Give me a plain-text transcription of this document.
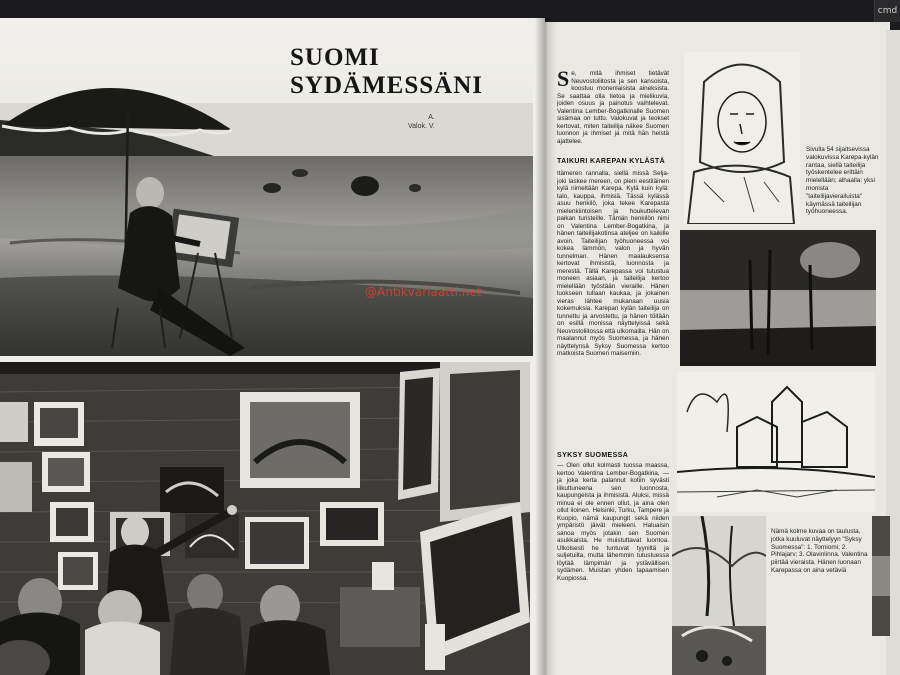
cmd
@Antikvariaatti.net
SUOMI
SYDÄMESSÄNI
A.
Valok. V.
Se, mitä ihmiset tietävät Neuvostoliitosta ja sen kansoista, koostuu monenlaisista aineksista. Se saattaa olla tietoa ja mielikuvia, joiden osuus ja painotus vaihtelevat. Valentina Lember-Bogatkinalle Suomen sisämaa on tuttu. Valokuvat ja teokset kertovat, miten taiteilija näkee Suomen luonnon ja ihmiset ja mitä hän heistä ajattelee.
TAIKURI KAREPAN KYLÄSTÄ
Itämeren rannalla, siellä missä Selja-joki laskee mereen, on pieni eestiläinen kylä nimeltään Karepa. Kylä kuin kylä: talo, kauppa, ihmisiä. Tässä kylässä asuu henkilö, joka tekee Karepasta mielenkiintoisen ja houkuttelevan paikan turisteille. Tämän henkilön nimi on Valentina Lember-Bogatkina, ja hänen taiteilijakotinsa ateljee on kaikille avoin. Taiteilijan työhuoneessa voi kokea lämmön, valon ja hyvän tunnelman. Hänen maalauksensa kertovat ihmisistä, luonnosta ja merestä. Tällä Karepassa voi tutustua moneen asiaan, ja taiteilija kertoo mielellään työstään vieraille. Hänen luokseen tullaan kaukaa, ja jokainen vieras lähtee mukanaan uusia kokemuksia. Karepan kylän taiteilija on tunnettu ja arvostettu, ja hänen töitään on esillä monissa näyttelyissä sekä Neuvostoliitossa että ulkomailla. Hän on maalannut myös Suomessa, ja hänen näyttelynsä Syksy Suomessa kertoo matkoista Suomen maisemiin.
SYKSY SUOMESSA
— Olen ollut kolmasti tuossa maassa, kertoo Valentina Lember-Bogatkina, — ja joka kerta palannut kotiin syvästi liikuttuneena sen luonnosta, kaupungeista ja ihmisistä. Aluksi, missä minua ei ole ennen ollut, ja aina olen ollut iloinen. Helsinki, Turku, Tampere ja Kuopio, nämä kaupungit sekä niiden ympäristö jäivät mieleeni. Haluaisin sanoa myös jotakin sen Suomen asukkaista. He muistuttavat luontoa. Ulkoisesti he tuntuvat tyyniltä ja suljetuilta, mutta lähemmin tutustuessa löytää lämpimän ja ystävällisen sydämen. Muistan yhden tapaamisen Kuopiossa.
Sivulla 54 sijaitsevissa valokuvissa Karepa-kylän rantaa, siellä taiteilija työskentelee erittäin mielellään; alhaalla: yksi monista "taiteilijavierailuista" käymässä taiteilijan työhuoneessa.
Nämä kolme kuvaa on taulusta, jotka kuuluvat näyttelyyn "Syksy Suomessa": 1. Torniomi; 2. Pihlajarv; 3. Olavinlinna. Valentina piirtää vieraista. Hänen luonaan Karepassa on aina vetäviä
